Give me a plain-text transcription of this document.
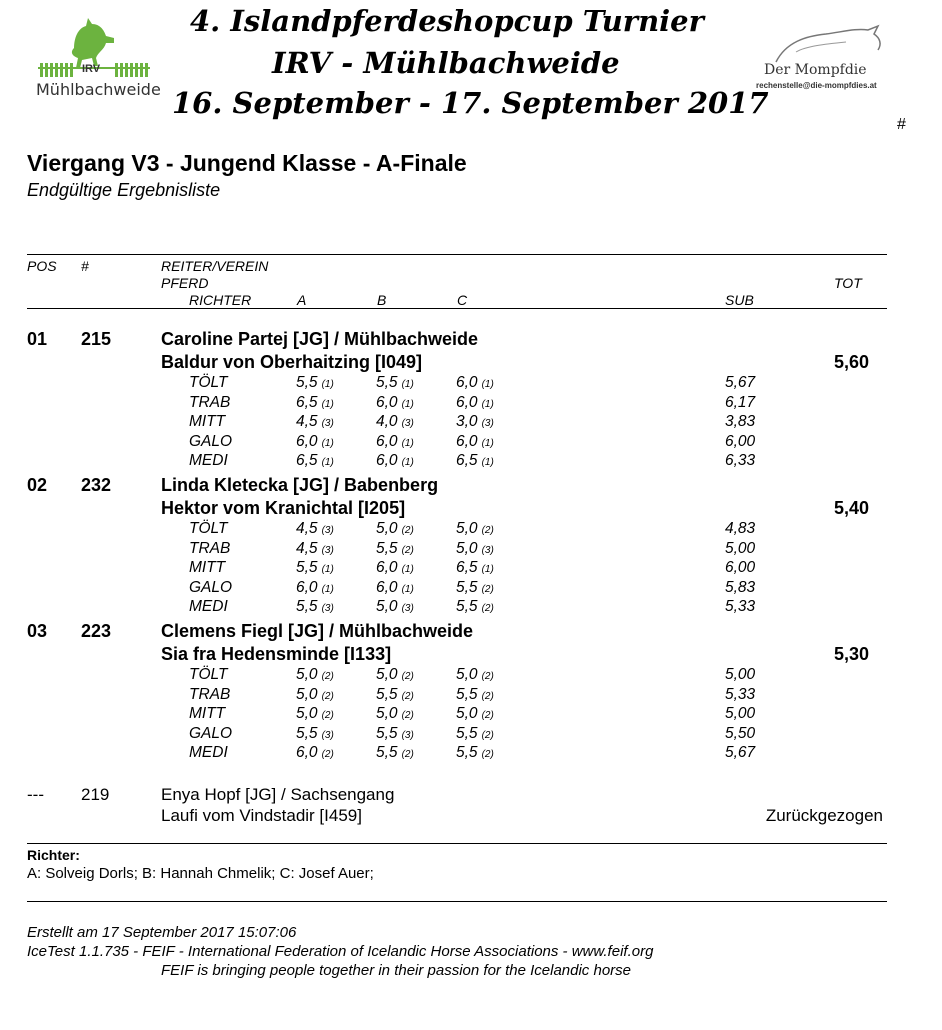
IRV
Mühlbachweide
Der Mompfdie
rechenstelle@die-mompfdies.at
4. Islandpferdeshopcup Turnier
IRV - Mühlbachweide
16. September - 17. September 2017
#
Viergang V3 - Jungend Klasse - A-Finale
Endgültige Ergebnisliste
POS #	REITER/VEREIN
PFERD	TOT
RICHTER	A	B	C	SUB
01 215	Caroline Partej [JG] / Mühlbachweide
Baldur von Oberhaitzing [I049]	5,60
TÖLT	5,5 (1)	5,5 (1)	6,0 (1)	5,67
TRAB	6,5 (1)	6,0 (1)	6,0 (1)	6,17
MITT	4,5 (3)	4,0 (3)	3,0 (3)	3,83
GALO	6,0 (1)	6,0 (1)	6,0 (1)	6,00
MEDI	6,5 (1)	6,0 (1)	6,5 (1)	6,33
02 232	Linda Kletecka [JG] / Babenberg
Hektor vom Kranichtal [I205]	5,40
TÖLT	4,5 (3)	5,0 (2)	5,0 (2)	4,83
TRAB	4,5 (3)	5,5 (2)	5,0 (3)	5,00
MITT	5,5 (1)	6,0 (1)	6,5 (1)	6,00
GALO	6,0 (1)	6,0 (1)	5,5 (2)	5,83
MEDI	5,5 (3)	5,0 (3)	5,5 (2)	5,33
03 223	Clemens Fiegl [JG] / Mühlbachweide
Sia fra Hedensminde [I133]	5,30
TÖLT	5,0 (2)	5,0 (2)	5,0 (2)	5,00
TRAB	5,0 (2)	5,5 (2)	5,5 (2)	5,33
MITT	5,0 (2)	5,0 (2)	5,0 (2)	5,00
GALO	5,5 (3)	5,5 (3)	5,5 (2)	5,50
MEDI	6,0 (2)	5,5 (2)	5,5 (2)	5,67
--- 219	Enya Hopf [JG] / Sachsengang
Laufi vom Vindstadir [I459]	Zurückgezogen
Richter:
A: Solveig Dorls; B: Hannah Chmelik; C: Josef Auer;
Erstellt am 17 September 2017 15:07:06
IceTest 1.1.735 - FEIF - International Federation of Icelandic Horse Associations - www.feif.org
FEIF is bringing people together in their passion for the Icelandic horse
